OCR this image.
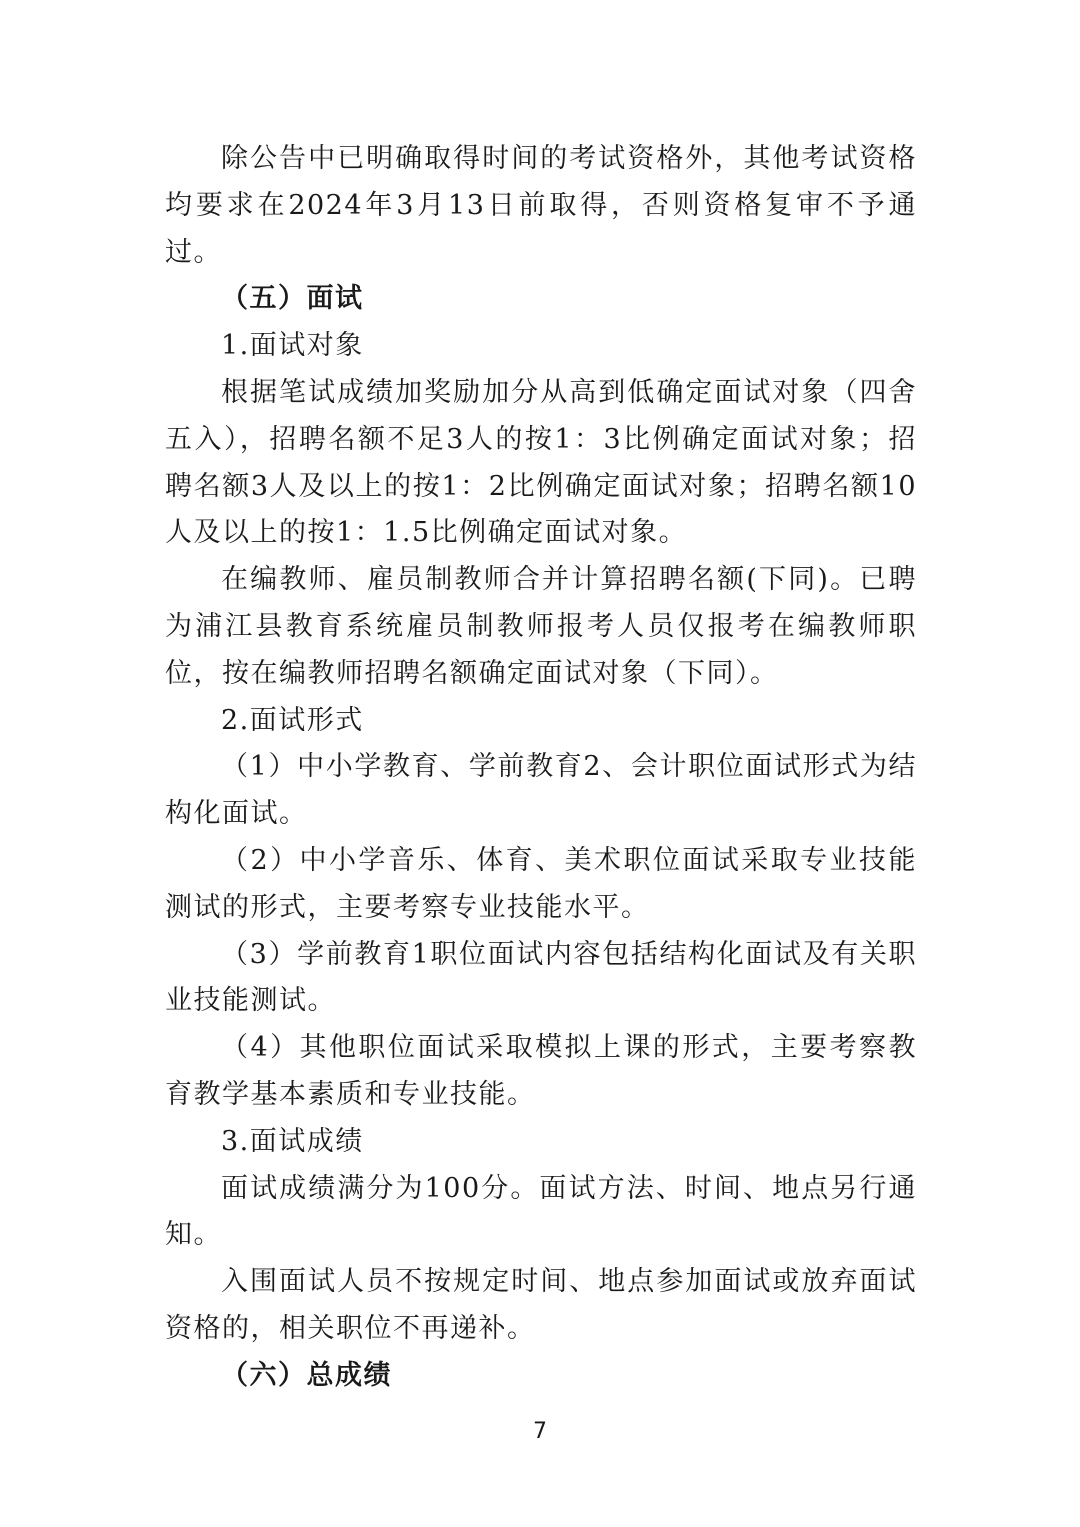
除公告中已明确取得时间的考试资格外，其他考试资格均要求在2024年3月13日前取得，否则资格复审不予通过。

（五）面试

1.面试对象

根据笔试成绩加奖励加分从高到低确定面试对象（四舍五入），招聘名额不足3人的按1：3比例确定面试对象；招聘名额3人及以上的按1：2比例确定面试对象；招聘名额10人及以上的按1：1.5比例确定面试对象。

在编教师、雇员制教师合并计算招聘名额(下同)。已聘为浦江县教育系统雇员制教师报考人员仅报考在编教师职位，按在编教师招聘名额确定面试对象（下同）。

2.面试形式

（1）中小学教育、学前教育2、会计职位面试形式为结构化面试。

（2）中小学音乐、体育、美术职位面试采取专业技能测试的形式，主要考察专业技能水平。

（3）学前教育1职位面试内容包括结构化面试及有关职业技能测试。

（4）其他职位面试采取模拟上课的形式，主要考察教育教学基本素质和专业技能。

3.面试成绩

面试成绩满分为100分。面试方法、时间、地点另行通知。

入围面试人员不按规定时间、地点参加面试或放弃面试资格的，相关职位不再递补。

（六）总成绩

7
